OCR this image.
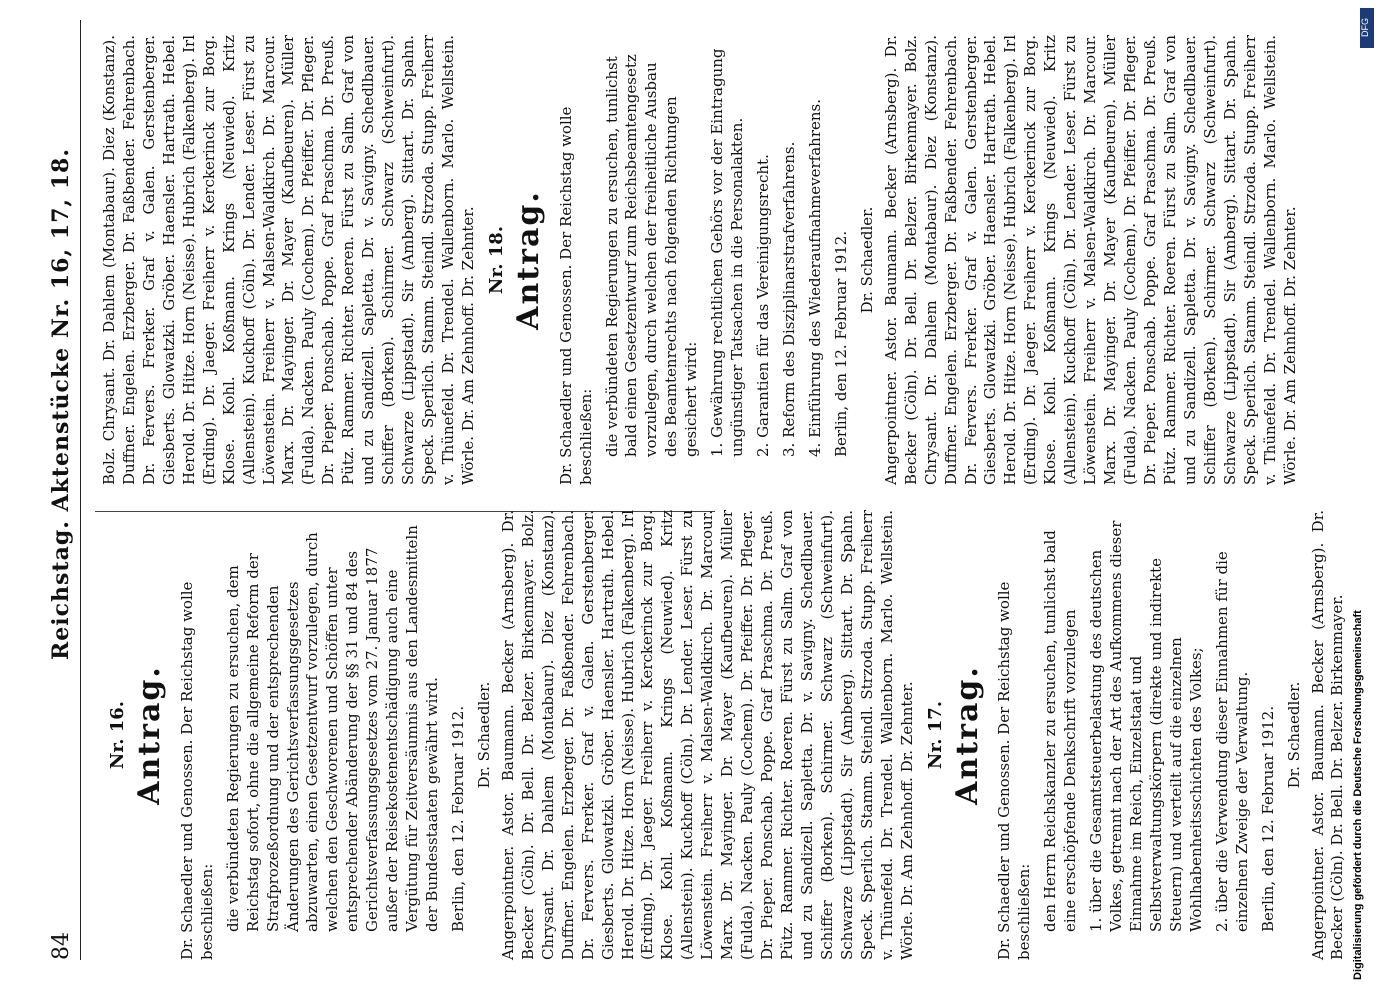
84
Reichstag. Aktenstücke Nr. 16, 17, 18.
Nr. 16. Antrag. Dr. Schaedler und Genossen. Der Reichstag wolle beschließen: die verbündeten Regierungen zu ersuchen, dem Reichstag sofort, ohne die allgemeine Reform der Strafprozeßordnung und der entsprechenden Änderungen des Gerichtsverfassungsgesetzes abzuwarten, einen Gesetzentwurf vorzulegen, durch welchen den Geschworenen und Schöffen unter entsprechender Abänderung der §§ 31 und 84 des Gerichtsverfassungsgesetzes vom 27. Januar 1877 außer der Reisekostenentschädigung auch eine Vergütung für Zeitversäumnis aus den Landesmitteln der Bundesstaaten gewährt wird. Berlin, den 12. Februar 1912. Dr. Schaedler. Angerpointner. Astor. Baumann. Becker (Arnsberg). Dr. Becker (Cöln). Dr. Bell. Dr. Belzer. Birkenmayer. Bolz. Chrysant. Dr. Dahlem (Montabaur). Diez (Konstanz). Duffner. Engelen. Erzberger. Dr. Faßbender. Fehrenbach. Dr. Fervers. Frerker. Graf v. Galen. Gerstenberger. Giesberts. Glowatzki. Gröber. Haensler. Hartrath. Hebel. Herold. Dr. Hitze. Horn (Neisse). Hubrich (Falkenberg). Irl (Erding). Dr. Jaeger. Freiherr v. Kerckerinck zur Borg. Klose. Kohl. Koßmann. Krings (Neuwied). Kritz (Allenstein). Kuckhoff (Cöln). Dr. Lender. Leser. Fürst zu Löwenstein. Freiherr v. Malsen-Waldkirch. Dr. Marcour. Marx. Dr. Mayinger. Dr. Mayer (Kaufbeuren). Müller (Fulda). Nacken. Pauly (Cochem). Dr. Pfeiffer. Dr. Pfleger. Dr. Pieper. Ponschab. Poppe. Graf Praschma. Dr. Preuß. Pütz. Rammer. Richter. Roeren. Fürst zu Salm. Graf von und zu Sandizell. Sapletta. Dr. v. Savigny. Schedlbauer. Schiffer (Borken). Schirmer. Schwarz (Schweinfurt). Schwarze (Lippstadt). Sir (Amberg). Sittart. Dr. Spahn. Speck. Sperlich. Stamm. Steindl. Strzoda. Stupp. Freiherr v. Thünefeld. Dr. Trendel. Wallenborn. Marlo. Wellstein. Wörle. Dr. Am Zehnhoff. Dr. Zehnter. Nr. 17. Antrag. Dr. Schaedler und Genossen. Der Reichstag wolle beschließen: den Herrn Reichskanzler zu ersuchen, tunlichst bald eine erschöpfende Denkschrift vorzulegen 1. über die Gesamtsteuerbelastung des deutschen Volkes, getrennt nach der Art des Aufkommens dieser Einnahme im Reich, Einzelstaat und Selbstverwaltungskörpern (direkte und indirekte Steuern) und verteilt auf die einzelnen Wohlhabenheitsschichten des Volkes; 2. über die Verwendung dieser Einnahmen für die einzelnen Zweige der Verwaltung. Berlin, den 12. Februar 1912. Dr. Schaedler. Angerpointner. Astor. Baumann. Becker (Arnsberg). Dr. Becker (Cöln). Dr. Bell. Dr. Belzer. Birkenmayer.

Bolz. Chrysant. Dr. Dahlem (Montabaur). Diez (Konstanz). Duffner. Engelen. Erzberger. Dr. Faßbender. Fehrenbach. Dr. Fervers. Frerker. Graf v. Galen. Gerstenberger. Giesberts. Glowatzki. Gröber. Haensler. Hartrath. Hebel. Herold. Dr. Hitze. Horn (Neisse). Hubrich (Falkenberg). Irl (Erding). Dr. Jaeger. Freiherr v. Kerckerinck zur Borg. Klose. Kohl. Koßmann. Krings (Neuwied). Kritz (Allenstein). Kuckhoff (Cöln). Dr. Lender. Leser. Fürst zu Löwenstein. Freiherr v. Malsen-Waldkirch. Dr. Marcour. Marx. Dr. Mayinger. Dr. Mayer (Kaufbeuren). Müller (Fulda). Nacken. Pauly (Cochem). Dr. Pfeiffer. Dr. Pfleger. Dr. Pieper. Ponschab. Poppe. Graf Praschma. Dr. Preuß. Pütz. Rammer. Richter. Roeren. Fürst zu Salm. Graf von und zu Sandizell. Sapletta. Dr. v. Savigny. Schedlbauer. Schiffer (Borken). Schirmer. Schwarz (Schweinfurt). Schwarze (Lippstadt). Sir (Amberg). Sittart. Dr. Spahn. Speck. Sperlich. Stamm. Steindl. Strzoda. Stupp. Freiherr v. Thünefeld. Dr. Trendel. Wallenborn. Marlo. Wellstein. Wörle. Dr. Am Zehnhoff. Dr. Zehnter. Nr. 18. Antrag. Dr. Schaedler und Genossen. Der Reichstag wolle beschließen: die verbündeten Regierungen zu ersuchen, tunlichst bald einen Gesetzentwurf zum Reichsbeamtengesetz vorzulegen, durch welchen der freiheitliche Ausbau des Beamtenrechts nach folgenden Richtungen gesichert wird: 1. Gewährung rechtlichen Gehörs vor der Eintragung ungünstiger Tatsachen in die Personalakten. 2. Garantien für das Vereinigungsrecht. 3. Reform des Disziplinarstrafverfahrens. 4. Einführung des Wiederaufnahmeverfahrens. Berlin, den 12. Februar 1912. Dr. Schaedler. Angerpointner. Astor. Baumann. Becker (Arnsberg). Dr. Becker (Cöln). Dr. Bell. Dr. Belzer. Birkenmayer. Bolz. Chrysant. Dr. Dahlem (Montabaur). Diez (Konstanz). Duffner. Engelen. Erzberger. Dr. Faßbender. Fehrenbach. Dr. Fervers. Frerker. Graf v. Galen. Gerstenberger. Giesberts. Glowatzki. Gröber. Haensler. Hartrath. Hebel. Herold. Dr. Hitze. Horn (Neisse). Hubrich (Falkenberg). Irl (Erding). Dr. Jaeger. Freiherr v. Kerckerinck zur Borg. Klose. Kohl. Koßmann. Krings (Neuwied). Kritz (Allenstein). Kuckhoff (Cöln). Dr. Lender. Leser. Fürst zu Löwenstein. Freiherr v. Malsen-Waldkirch. Dr. Marcour. Marx. Dr. Mayinger. Dr. Mayer (Kaufbeuren). Müller (Fulda). Nacken. Pauly (Cochem). Dr. Pfeiffer. Dr. Pfleger. Dr. Pieper. Ponschab. Poppe. Graf Praschma. Dr. Preuß. Pütz. Rammer. Richter. Roeren. Fürst zu Salm. Graf von und zu Sandizell. Sapletta. Dr. v. Savigny. Schedlbauer. Schiffer (Borken). Schirmer. Schwarz (Schweinfurt). Schwarze (Lippstadt). Sir (Amberg). Sittart. Dr. Spahn. Speck. Sperlich. Stamm. Steindl. Strzoda. Stupp. Freiherr v. Thünefeld. Dr. Trendel. Wallenborn. Marlo. Wellstein. Wörle. Dr. Am Zehnhoff. Dr. Zehnter.

DFG
Digitalisierung gefördert durch die Deutsche Forschungsgemeinschaft
